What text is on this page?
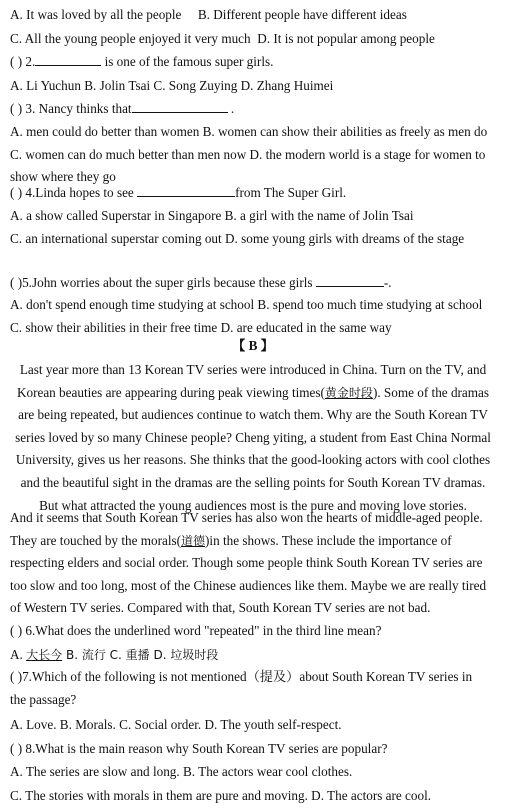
A. It was loved by all the people B. Different people have different ideas
C. All the young people enjoyed it very much D. It is not popular among people
( ) 2.	is one of the famous super girls.
A. Li Yuchun B. Jolin Tsai C. Song Zuying D. Zhang Huimei
( ) 3. Nancy thinks that	.
A. men could do better than women B. women can show their abilities as freely as men do C. women can do much better than men now D. the modern world is a stage for women to show where they go
( ) 4.Linda hopes to see	from The Super Girl.
A. a show called Superstar in Singapore B. a girl with the name of Jolin Tsai
C. an international superstar coming out D. some young girls with dreams of the stage
( )5.John worries about the super girls because these girls	-.
A. don't spend enough time studying at school B. spend too much time studying at school C. show their abilities in their free time D. are educated in the same way
【 B 】
Last year more than 13 Korean TV series were introduced in China. Turn on the TV, and Korean beauties are appearing during peak viewing times(黄金时段). Some of the dramas are being repeated, but audiences continue to watch them. Why are the South Korean TV series loved by so many Chinese people? Cheng yiting, a student from East China Normal University, gives us her reasons. She thinks that the good-looking actors with cool clothes and the beautiful sight in the dramas are the selling points for South Korean TV dramas. But what attracted the young audiences most is the pure and moving love stories.
And it seems that South Korean TV series has also won the hearts of middle-aged people. They are touched by the morals(道德)in the shows. These include the importance of respecting elders and social order. Though some people think South Korean TV series are too slow and too long, most of the Chinese audiences like them. Maybe we are really tired of Western TV series. Compared with that, South Korean TV series are not bad.
( ) 6.What does the underlined word "repeated" in the third line mean?
A. 大长今 B. 流行 C. 重播 D. 垃圾时段
( )7.Which of the following is not mentioned（提及）about South Korean TV series in the passage?
A. Love. B. Morals. C. Social order. D. The youth self-respect.
( ) 8.What is the main reason why South Korean TV series are popular?
A. The series are slow and long. B. The actors wear cool clothes.
C. The stories with morals in them are pure and moving. D. The actors are cool.
